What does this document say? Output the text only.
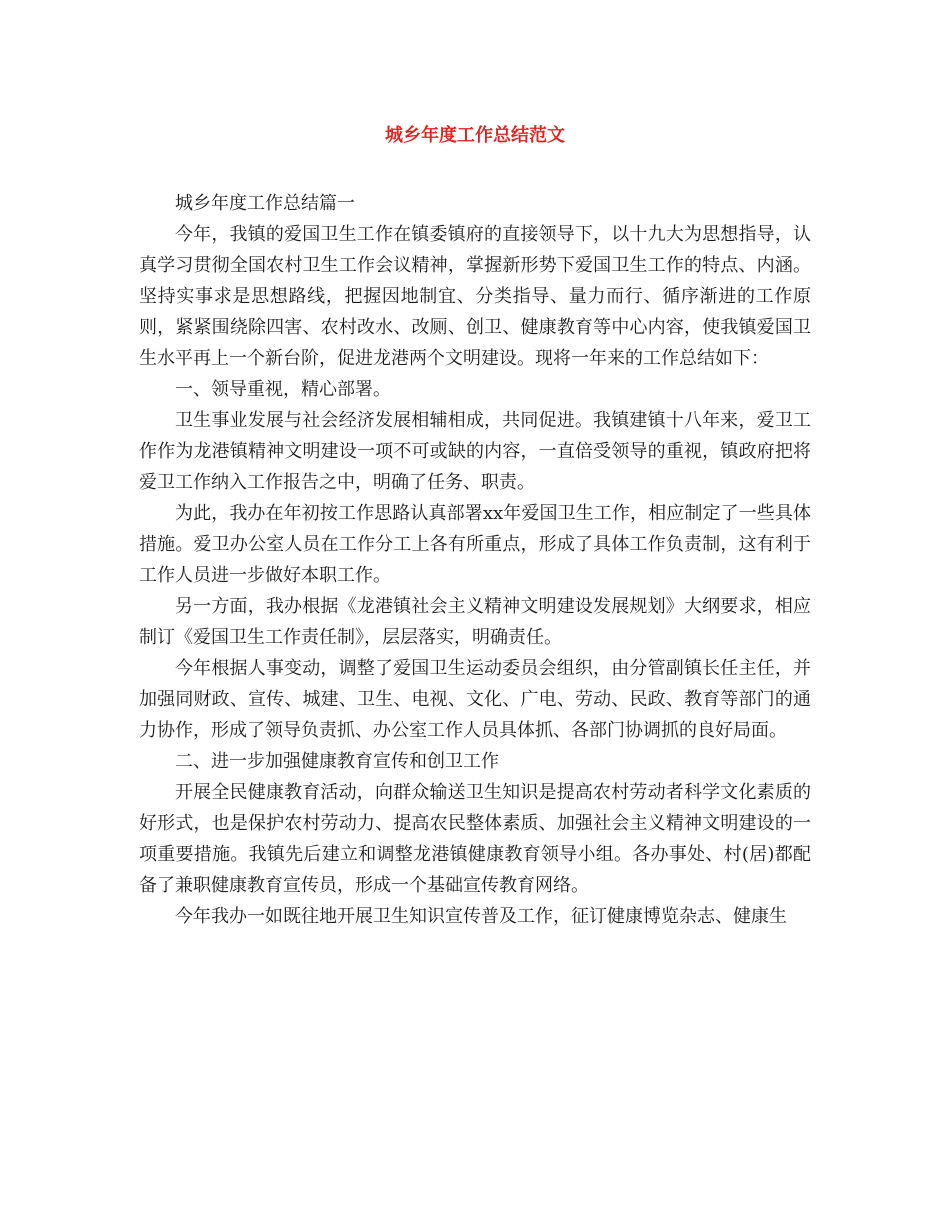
城乡年度工作总结范文

城乡年度工作总结篇一

今年，我镇的爱国卫生工作在镇委镇府的直接领导下，以十九大为思想指导，认真学习贯彻全国农村卫生工作会议精神，掌握新形势下爱国卫生工作的特点、内涵。坚持实事求是思想路线，把握因地制宜、分类指导、量力而行、循序渐进的工作原则，紧紧围绕除四害、农村改水、改厕、创卫、健康教育等中心内容，使我镇爱国卫生水平再上一个新台阶，促进龙港两个文明建设。现将一年来的工作总结如下：

一、领导重视，精心部署。

卫生事业发展与社会经济发展相辅相成，共同促进。我镇建镇十八年来，爱卫工作作为龙港镇精神文明建设一项不可或缺的内容，一直倍受领导的重视，镇政府把将爱卫工作纳入工作报告之中，明确了任务、职责。

为此，我办在年初按工作思路认真部署xx年爱国卫生工作，相应制定了一些具体措施。爱卫办公室人员在工作分工上各有所重点，形成了具体工作负责制，这有利于工作人员进一步做好本职工作。

另一方面，我办根据《龙港镇社会主义精神文明建设发展规划》大纲要求，相应制订《爱国卫生工作责任制》，层层落实，明确责任。

今年根据人事变动，调整了爱国卫生运动委员会组织，由分管副镇长任主任，并加强同财政、宣传、城建、卫生、电视、文化、广电、劳动、民政、教育等部门的通力协作，形成了领导负责抓、办公室工作人员具体抓、各部门协调抓的良好局面。

二、进一步加强健康教育宣传和创卫工作

开展全民健康教育活动，向群众输送卫生知识是提高农村劳动者科学文化素质的好形式，也是保护农村劳动力、提高农民整体素质、加强社会主义精神文明建设的一项重要措施。我镇先后建立和调整龙港镇健康教育领导小组。各办事处、村(居)都配备了兼职健康教育宣传员，形成一个基础宣传教育网络。

今年我办一如既往地开展卫生知识宣传普及工作，征订健康博览杂志、健康生
